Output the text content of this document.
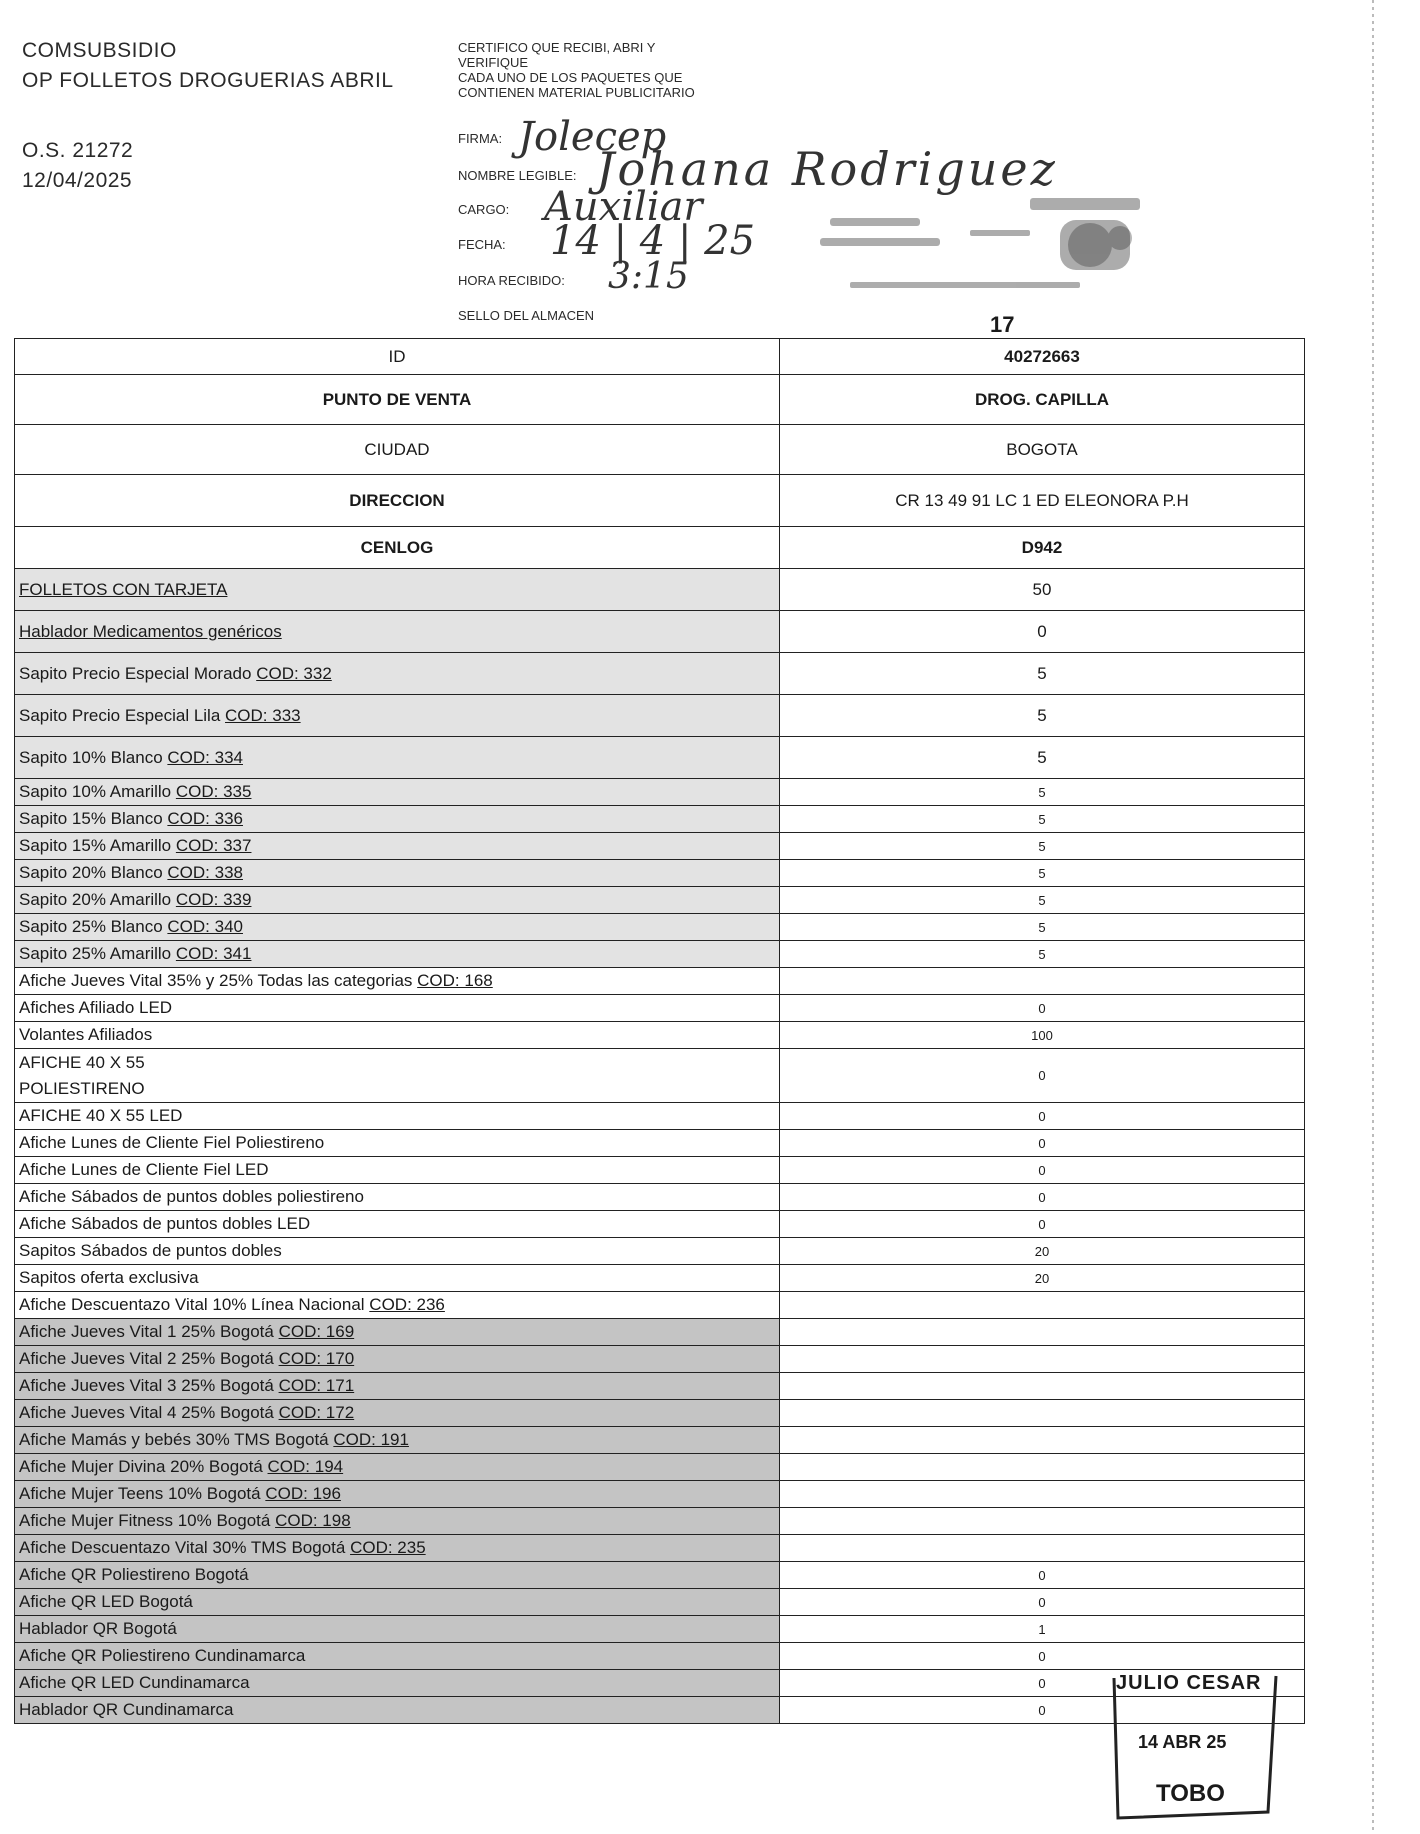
COMSUBSIDIO
OP FOLLETOS DROGUERIAS ABRIL
O.S. 21272
12/04/2025
CERTIFICO QUE RECIBI, ABRI Y
VERIFIQUE
CADA UNO DE LOS PAQUETES QUE
CONTIENEN MATERIAL PUBLICITARIO
FIRMA: Jolecep
NOMBRE LEGIBLE: Johana Rodriguez
CARGO: Auxiliar
FECHA: 14 | 4 | 25
HORA RECIBIDO: 3:15
SELLO DEL ALMACEN	17
ID	40272663
PUNTO DE VENTA	DROG. CAPILLA
CIUDAD	BOGOTA
DIRECCION	CR 13 49 91 LC 1 ED ELEONORA P.H
CENLOG	D942
FOLLETOS CON TARJETA	50
Hablador Medicamentos genéricos	0
Sapito Precio Especial Morado COD: 332	5
Sapito Precio Especial Lila COD: 333	5
Sapito 10% Blanco COD: 334	5
Sapito 10% Amarillo COD: 335	5
Sapito 15% Blanco COD: 336	5
Sapito 15% Amarillo COD: 337	5
Sapito 20% Blanco COD: 338	5
Sapito 20% Amarillo COD: 339	5
Sapito 25% Blanco COD: 340	5
Sapito 25% Amarillo COD: 341	5
Afiche Jueves Vital 35% y 25% Todas las categorias COD: 168	
Afiches Afiliado LED	0
Volantes Afiliados	100
AFICHE 40 X 55
POLIESTIRENO	0
AFICHE 40 X 55 LED	0
Afiche Lunes de Cliente Fiel Poliestireno	0
Afiche Lunes de Cliente Fiel LED	0
Afiche Sábados de puntos dobles poliestireno	0
Afiche Sábados de puntos dobles LED	0
Sapitos Sábados de puntos dobles	20
Sapitos oferta exclusiva	20
Afiche Descuentazo Vital 10% Línea Nacional COD: 236	
Afiche Jueves Vital 1 25% Bogotá COD: 169	
Afiche Jueves Vital 2 25% Bogotá COD: 170	
Afiche Jueves Vital 3 25% Bogotá COD: 171	
Afiche Jueves Vital 4 25% Bogotá COD: 172	
Afiche Mamás y bebés 30% TMS Bogotá COD: 191	
Afiche Mujer Divina 20% Bogotá COD: 194	
Afiche Mujer Teens 10% Bogotá COD: 196	
Afiche Mujer Fitness 10% Bogotá COD: 198	
Afiche Descuentazo Vital 30% TMS Bogotá COD: 235	
Afiche QR Poliestireno Bogotá	0
Afiche QR LED Bogotá	0
Hablador QR Bogotá	1
Afiche QR Poliestireno Cundinamarca	0
Afiche QR LED Cundinamarca	0
Hablador QR Cundinamarca	0
JULIO CESAR
14 ABR 25
TOBO
